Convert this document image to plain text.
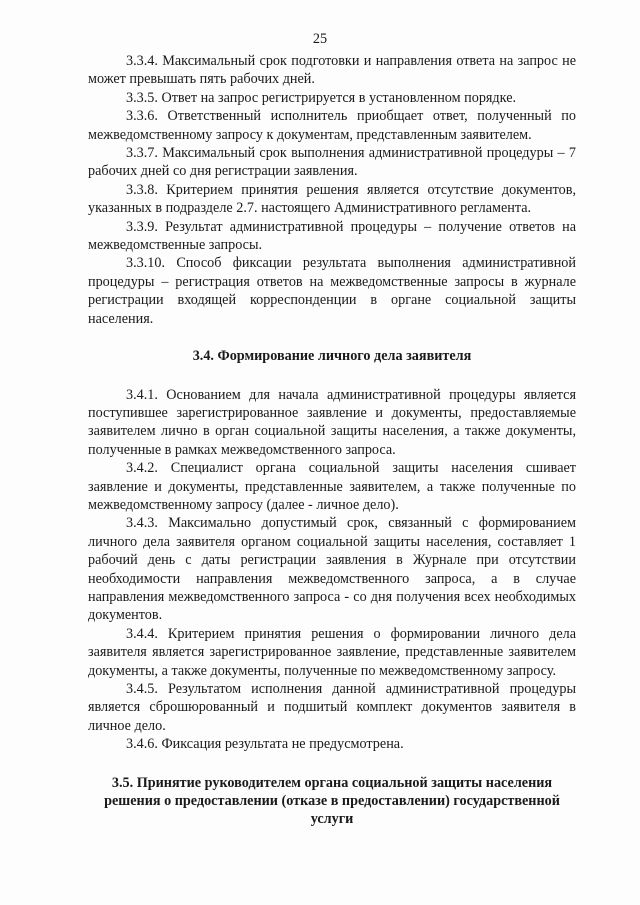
25

3.3.4. Максимальный срок подготовки и направления ответа на запрос не может превышать пять рабочих дней.

3.3.5. Ответ на запрос регистрируется в установленном порядке.

3.3.6. Ответственный исполнитель приобщает ответ, полученный по межведомственному запросу к документам, представленным заявителем.

3.3.7. Максимальный срок выполнения административной процедуры – 7 рабочих дней со дня регистрации заявления.

3.3.8. Критерием принятия решения является отсутствие документов, указанных в подразделе 2.7. настоящего Административного регламента.

3.3.9. Результат административной процедуры – получение ответов на межведомственные запросы.

3.3.10. Способ фиксации результата выполнения административной процедуры – регистрация ответов на межведомственные запросы в журнале регистрации входящей корреспонденции в органе социальной защиты населения.

3.4. Формирование личного дела заявителя

3.4.1. Основанием для начала административной процедуры является поступившее зарегистрированное заявление и документы, предоставляемые заявителем лично в орган социальной защиты населения, а также документы, полученные в рамках межведомственного запроса.

3.4.2. Специалист органа социальной защиты населения сшивает заявление и документы, представленные заявителем, а также полученные по межведомственному запросу (далее - личное дело).

3.4.3. Максимально допустимый срок, связанный с формированием личного дела заявителя органом социальной защиты населения, составляет 1 рабочий день с даты регистрации заявления в Журнале при отсутствии необходимости направления межведомственного запроса, а в случае направления межведомственного запроса - со дня получения всех необходимых документов.

3.4.4. Критерием принятия решения о формировании личного дела заявителя является зарегистрированное заявление, представленные заявителем документы, а также документы, полученные по межведомственному запросу.

3.4.5. Результатом исполнения данной административной процедуры является сброшюрованный и подшитый комплект документов заявителя в личное дело.

3.4.6. Фиксация результата не предусмотрена.

3.5. Принятие руководителем органа социальной защиты населения решения о предоставлении (отказе в предоставлении) государственной услуги
